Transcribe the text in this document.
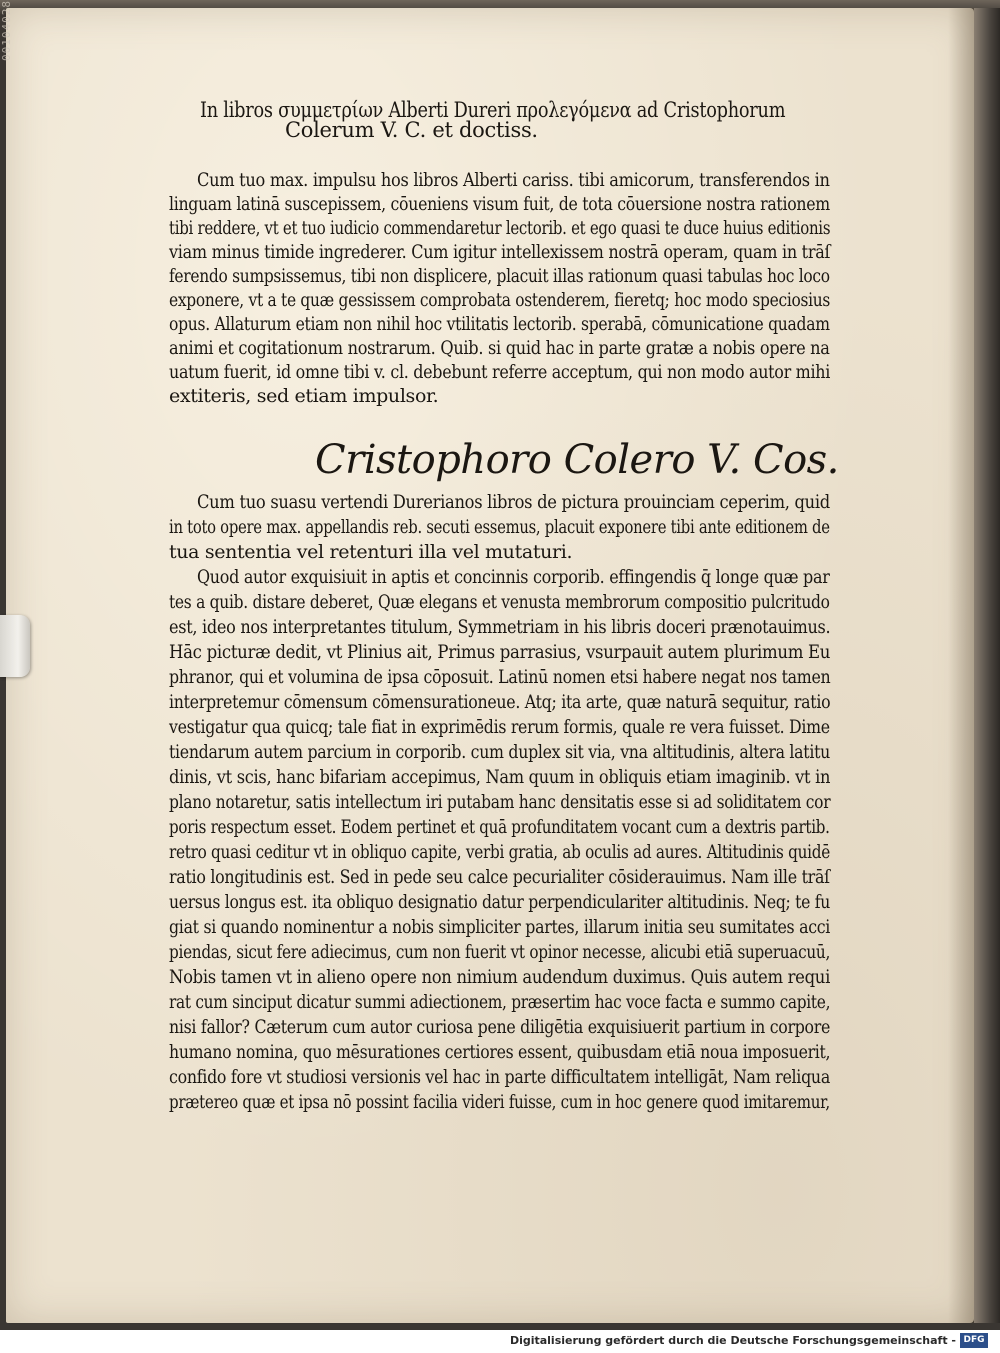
00104028
In libros συμμετρίων Alberti Dureri προλεγόμενα ad Cristophorum
Colerum V. C. et doctiss.
Cum tuo max. impulsu hos libros Alberti cariss. tibi amicorum, transferendos in
linguam latinā suscepissem, cōueniens visum fuit, de tota cōuersione nostra rationem
tibi reddere, vt et tuo iudicio commendaretur lectorib. et ego quasi te duce huius editionis
viam minus timide ingrederer. Cum igitur intellexissem nostrā operam, quam in trāſ
ferendo sumpsissemus, tibi non displicere, placuit illas rationum quasi tabulas hoc loco
exponere, vt a te quæ gessissem comprobata ostenderem, fieretq; hoc modo speciosius
opus. Allaturum etiam non nihil hoc vtilitatis lectorib. sperabā, cōmunicatione quadam
animi et cogitationum nostrarum. Quib. si quid hac in parte gratæ a nobis opere na
uatum fuerit, id omne tibi v. cl. debebunt referre acceptum, qui non modo autor mihi
extiteris, sed etiam impulsor.
Cristophoro Colero V. Cos.
Cum tuo suasu vertendi Durerianos libros de pictura prouinciam ceperim, quid
in toto opere max. appellandis reb. secuti essemus, placuit exponere tibi ante editionem de
tua sententia vel retenturi illa vel mutaturi.
Quod autor exquisiuit in aptis et concinnis corporib. effingendis q̄ longe quæ par
tes a quib. distare deberet, Quæ elegans et venusta membrorum compositio pulcritudo
est, ideo nos interpretantes titulum, Symmetriam in his libris doceri prænotauimus.
Hāc picturæ dedit, vt Plinius ait, Primus parrasius, vsurpauit autem plurimum Eu
phranor, qui et volumina de ipsa cōposuit. Latinū nomen etsi habere negat nos tamen
interpretemur cōmensum cōmensurationeue. Atq; ita arte, quæ naturā sequitur, ratio
vestigatur qua quicq; tale fiat in exprimēdis rerum formis, quale re vera fuisset. Dime
tiendarum autem parcium in corporib. cum duplex sit via, vna altitudinis, altera latitu
dinis, vt scis, hanc bifariam accepimus, Nam quum in obliquis etiam imaginib. vt in
plano notaretur, satis intellectum iri putabam hanc densitatis esse si ad soliditatem cor
poris respectum esset. Eodem pertinet et quā profunditatem vocant cum a dextris partib.
retro quasi ceditur vt in obliquo capite, verbi gratia, ab oculis ad aures. Altitudinis quidē
ratio longitudinis est. Sed in pede seu calce pecurialiter cōsiderauimus. Nam ille trāſ
uersus longus est. ita obliquo designatio datur perpendiculariter altitudinis. Neq; te fu
giat si quando nominentur a nobis simpliciter partes, illarum initia seu sumitates acci
piendas, sicut fere adiecimus, cum non fuerit vt opinor necesse, alicubi etiā superuacuū,
Nobis tamen vt in alieno opere non nimium audendum duximus. Quis autem requi
rat cum sinciput dicatur summi adiectionem, præsertim hac voce facta e summo capite,
nisi fallor? Cæterum cum autor curiosa pene diligētia exquisiuerit partium in corpore
humano nomina, quo mēsurationes certiores essent, quibusdam etiā noua imposuerit,
confido fore vt studiosi versionis vel hac in parte difficultatem intelligāt, Nam reliqua
prætereo quæ et ipsa nō possint facilia videri fuisse, cum in hoc genere quod imitaremur,
Digitalisierung gefördert durch die Deutsche Forschungsgemeinschaft - DFG
